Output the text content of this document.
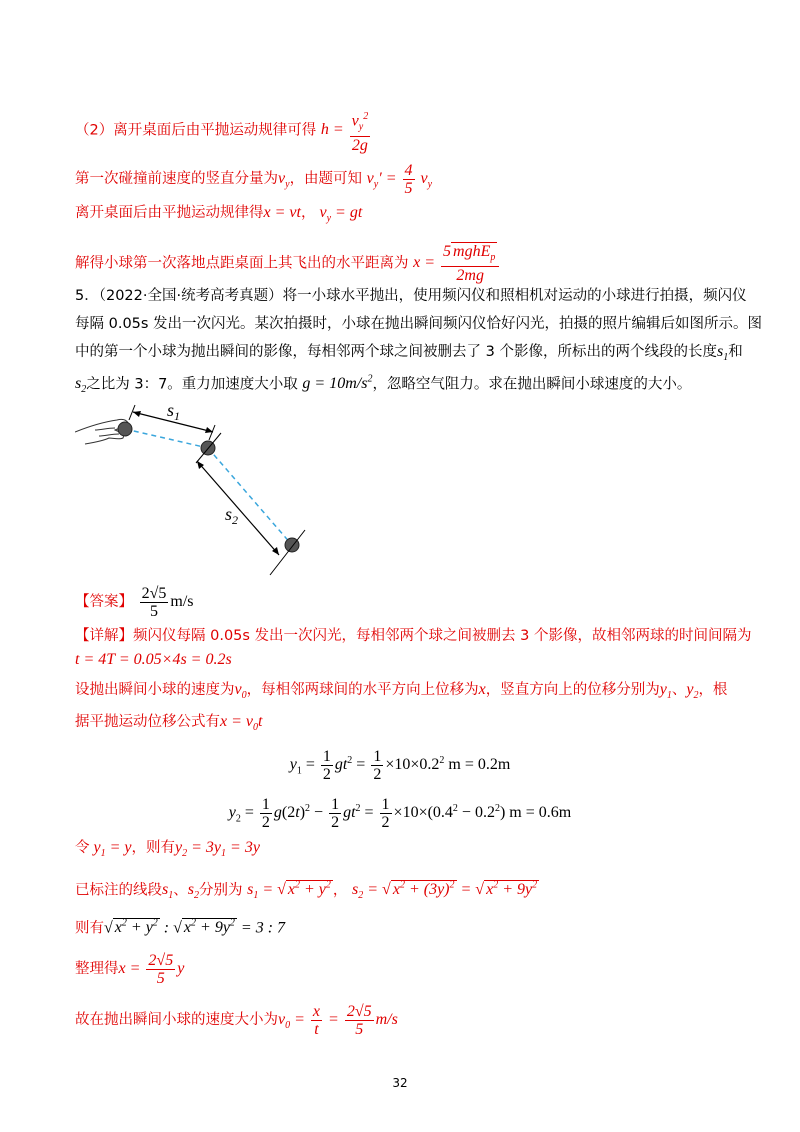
（2）离开桌面后由平抛运动规律可得 $h = \frac{v_y^2}{2g}$
第一次碰撞前速度的竖直分量为$v_y$，由题可知 $v_y' = \frac{4}{5} v_y$
离开桌面后由平抛运动规律得x = vt， $v_y$ = gt
解得小球第一次落地点距桌面上其飞出的水平距离为 $x = \frac{5 mghE_p}{2mg}$
5．（2022·全国·统考高考真题）将一小球水平抛出，使用频闪仪和照相机对运动的小球进行拍摄，频闪仪
每隔 0.05s 发出一次闪光。某次拍摄时，小球在抛出瞬间频闪仪恰好闪光，拍摄的照片编辑后如图所示。图
中的第一个小球为抛出瞬间的影像，每相邻两个球之间被删去了 3 个影像，所标出的两个线段的长度$s_1$和
$s_2$之比为 3：7。重力加速度大小取 $g = 10m/s^2$，忽略空气阻力。求在抛出瞬间小球速度的大小。
$s_1$
$s_2$
【答案】 $\frac{2√5}{5} m/s$
【详解】频闪仪每隔 0.05s 发出一次闪光，每相邻两个球之间被删去 3 个影像，故相邻两球的时间间隔为
t = 4T = 0.05×4s = 0.2s
设抛出瞬间小球的速度为$v_0$，每相邻两球间的水平方向上位移为x，竖直方向上的位移分别为$y_1$、$y_2$，根
据平抛运动位移公式有$x = v_0t$
$y_1 = \frac{1}{2} gt^2 = \frac{1}{2} \times 10\times 0.2^2$ m = 0.2m
$y_2 = \frac{1}{2} g(2t)^2 - \frac{1}{2} gt^2 = \frac{1}{2} \times 10\times(0.4^2 - 0.2^2) m = 0.6m$
令 $y_1 = y$，则有$y_2 = 3y_1 = 3y$
已标注的线段$s_1$、$s_2$分别为 $s_1$ = √ $x^2 + y^2$ ， $s_2$ = √ $x^2 + (3y)^2$ = √ $x^2 + 9y^2$
则有√ $x^2 + y^2$ : √ $x^2 + 9y^2 = 3$ : 7
整理得$x = \frac{2√5}{5}$ y
故在抛出瞬间小球的速度大小为$v_0 = \frac{x}{t} = \frac{2√5}{5} m/s$
32
